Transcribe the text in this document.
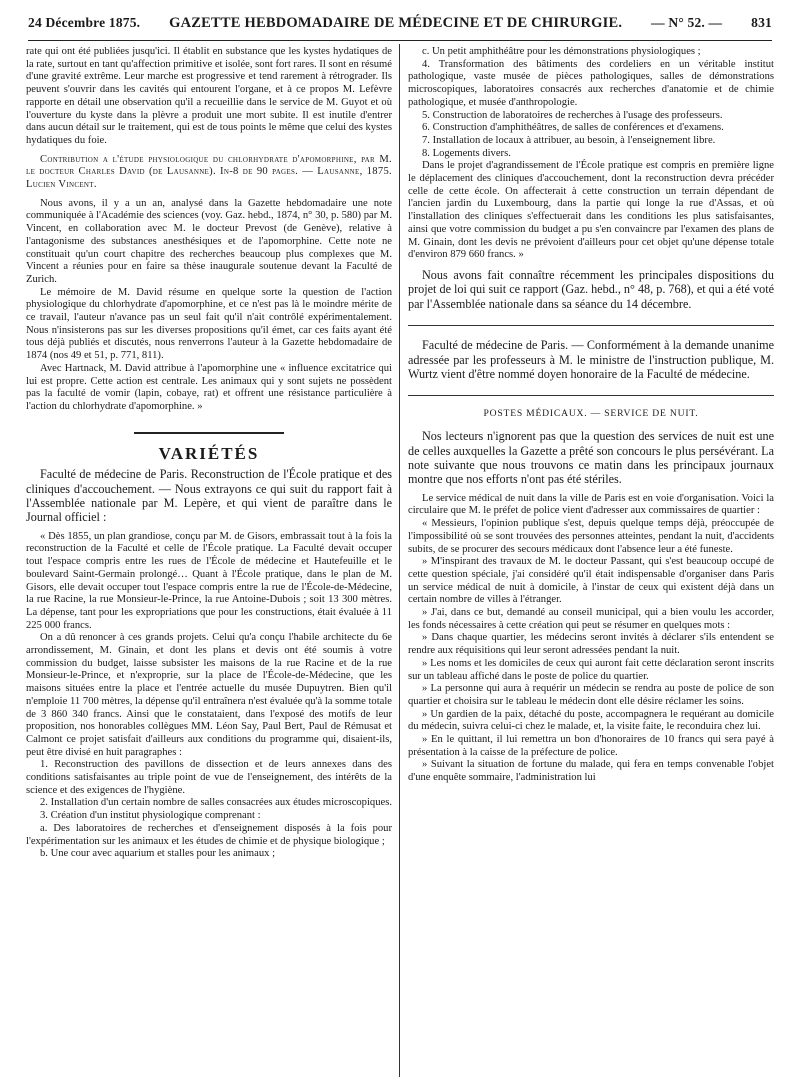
24 Décembre 1875. GAZETTE HEBDOMADAIRE DE MÉDECINE ET DE CHIRURGIE. — N° 52. — 831

rate qui ont été publiées jusqu'ici. Il établit en substance que les kystes hydatiques de la rate, surtout en tant qu'affection primitive et isolée, sont fort rares. Il sont en résumé d'une gravité extrême. Leur marche est progressive et tend rarement à rétrograder. Ils peuvent s'ouvrir dans les cavités qui entourent l'organe, et à ce propos M. Lefèvre rapporte en détail une observation qu'il a recueillie dans le service de M. Guyot et où l'ouverture du kyste dans la plèvre a produit une mort subite. Il est inutile d'entrer dans aucun détail sur le traitement, qui est de tous points le même que celui des kystes hydatiques du foie.

Contribution a l'étude physiologique du chlorhydrate d'apomorphine, par M. le docteur Charles David (de Lausanne). In-8 de 90 pages. — Lausanne, 1875. Lucien Vincent.

Nous avons, il y a un an, analysé dans la Gazette hebdomadaire une note communiquée à l'Académie des sciences (voy. Gaz. hebd., 1874, n° 30, p. 580) par M. Vincent, en collaboration avec M. le docteur Prevost (de Genève), relative à l'antagonisme des substances anesthésiques et de l'apomorphine. Cette note ne constituait qu'un court chapitre des recherches beaucoup plus complexes que M. Vincent a réunies pour en faire sa thèse inaugurale soutenue devant la Faculté de Zurich.

Le mémoire de M. David résume en quelque sorte la question de l'action physiologique du chlorhydrate d'apomorphine, et ce n'est pas là le moindre mérite de ce travail, l'auteur n'avance pas un seul fait qu'il n'ait contrôlé expérimentalement. Nous n'insisterons pas sur les diverses propositions qu'il émet, car ces faits ayant été tous déjà publiés et discutés, nous renverrons l'auteur à la Gazette hebdomadaire de 1874 (nos 49 et 51, p. 771, 811).

Avec Hartnack, M. David attribue à l'apomorphine une « influence excitatrice qui lui est propre. Cette action est centrale. Les animaux qui y sont sujets ne possèdent pas la faculté de vomir (lapin, cobaye, rat) et offrent une résistance particulière à l'action du chlorhydrate d'apomorphine. »

VARIÉTÉS

Faculté de médecine de Paris. Reconstruction de l'École pratique et des cliniques d'accouchement. — Nous extrayons ce qui suit du rapport fait à l'Assemblée nationale par M. Lepère, et qui vient de paraître dans le Journal officiel :

« Dès 1855, un plan grandiose, conçu par M. de Gisors, embrassait tout à la fois la reconstruction de la Faculté et celle de l'École pratique. La Faculté devait occuper tout l'espace compris entre les rues de l'École de médecine et Hautefeuille et le boulevard Saint-Germain prolongé… Quant à l'École pratique, dans le plan de M. Gisors, elle devait occuper tout l'espace compris entre la rue de l'École-de-Médecine, la rue Racine, la rue Monsieur-le-Prince, la rue Antoine-Dubois ; soit 13 300 mètres. La dépense, tant pour les expropriations que pour les constructions, était évaluée à 11 225 000 francs.

On a dû renoncer à ces grands projets. Celui qu'a conçu l'habile architecte du 6e arrondissement, M. Ginain, et dont les plans et devis ont été soumis à votre commission du budget, laisse subsister les maisons de la rue Racine et de la rue Monsieur-le-Prince, et n'exproprie, sur la place de l'École-de-Médecine, que les maisons situées entre la place et l'entrée actuelle du musée Dupuytren. Bien qu'il n'emploie 11 700 mètres, la dépense qu'il entraînera n'est évaluée qu'à la somme totale de 3 860 340 francs. Ainsi que le constataient, dans l'exposé des motifs de leur proposition, nos honorables collègues MM. Léon Say, Paul Bert, Paul de Rémusat et Calmont ce projet satisfait d'ailleurs aux conditions du programme qui, disaient-ils, peut être divisé en huit paragraphes :

1. Reconstruction des pavillons de dissection et de leurs annexes dans des conditions satisfaisantes au triple point de vue de l'enseignement, des intérêts de la science et des exigences de l'hygiène.

2. Installation d'un certain nombre de salles consacrées aux études microscopiques.

3. Création d'un institut physiologique comprenant :

a. Des laboratoires de recherches et d'enseignement disposés à la fois pour l'expérimentation sur les animaux et les études de chimie et de physique biologique ;

b. Une cour avec aquarium et stalles pour les animaux ;

c. Un petit amphithéâtre pour les démonstrations physiologiques ;

4. Transformation des bâtiments des cordeliers en un véritable institut pathologique, vaste musée de pièces pathologiques, salles de démonstrations microscopiques, laboratoires consacrés aux recherches d'anatomie et de chimie pathologique, et musée d'anthropologie.

5. Construction de laboratoires de recherches à l'usage des professeurs.

6. Construction d'amphithéâtres, de salles de conférences et d'examens.

7. Installation de locaux à attribuer, au besoin, à l'enseignement libre.

8. Logements divers.

Dans le projet d'agrandissement de l'École pratique est compris en première ligne le déplacement des cliniques d'accouchement, dont la reconstruction devra précéder celle de cette école. On affecterait à cette construction un terrain dépendant de l'ancien jardin du Luxembourg, dans la partie qui longe la rue d'Assas, et où l'installation des cliniques s'effectuerait dans les conditions les plus satisfaisantes, ainsi que votre commission du budget a pu s'en convaincre par l'examen des plans de M. Ginain, dont les devis ne prévoient d'ailleurs pour cet objet qu'une dépense totale d'environ 879 660 francs. »

Nous avons fait connaître récemment les principales dispositions du projet de loi qui suit ce rapport (Gaz. hebd., n° 48, p. 768), et qui a été voté par l'Assemblée nationale dans sa séance du 14 décembre.

Faculté de médecine de Paris. — Conformément à la demande unanime adressée par les professeurs à M. le ministre de l'instruction publique, M. Wurtz vient d'être nommé doyen honoraire de la Faculté de médecine.

POSTES MÉDICAUX. — SERVICE DE NUIT.

Nos lecteurs n'ignorent pas que la question des services de nuit est une de celles auxquelles la Gazette a prêté son concours le plus persévérant. La note suivante que nous trouvons ce matin dans les principaux journaux montre que nos efforts n'ont pas été stériles.

Le service médical de nuit dans la ville de Paris est en voie d'organisation. Voici la circulaire que M. le préfet de police vient d'adresser aux commissaires de quartier :

« Messieurs, l'opinion publique s'est, depuis quelque temps déjà, préoccupée de l'impossibilité où se sont trouvées des personnes atteintes, pendant la nuit, d'accidents subits, de se procurer des secours médicaux dont l'absence leur a été funeste.

» M'inspirant des travaux de M. le docteur Passant, qui s'est beaucoup occupé de cette question spéciale, j'ai considéré qu'il était indispensable d'organiser dans Paris un service médical de nuit à domicile, à l'instar de ceux qui existent déjà dans un certain nombre de villes à l'étranger.

» J'ai, dans ce but, demandé au conseil municipal, qui a bien voulu les accorder, les fonds nécessaires à cette création qui peut se résumer en quelques mots :

» Dans chaque quartier, les médecins seront invités à déclarer s'ils entendent se rendre aux réquisitions qui leur seront adressées pendant la nuit.

» Les noms et les domiciles de ceux qui auront fait cette déclaration seront inscrits sur un tableau affiché dans le poste de police du quartier.

» La personne qui aura à requérir un médecin se rendra au poste de police de son quartier et choisira sur le tableau le médecin dont elle désire réclamer les soins.

» Un gardien de la paix, détaché du poste, accompagnera le requérant au domicile du médecin, suivra celui-ci chez le malade, et, la visite faite, le reconduira chez lui.

» En le quittant, il lui remettra un bon d'honoraires de 10 francs qui sera payé à présentation à la caisse de la préfecture de police.

» Suivant la situation de fortune du malade, qui fera en temps convenable l'objet d'une enquête sommaire, l'administration lui
